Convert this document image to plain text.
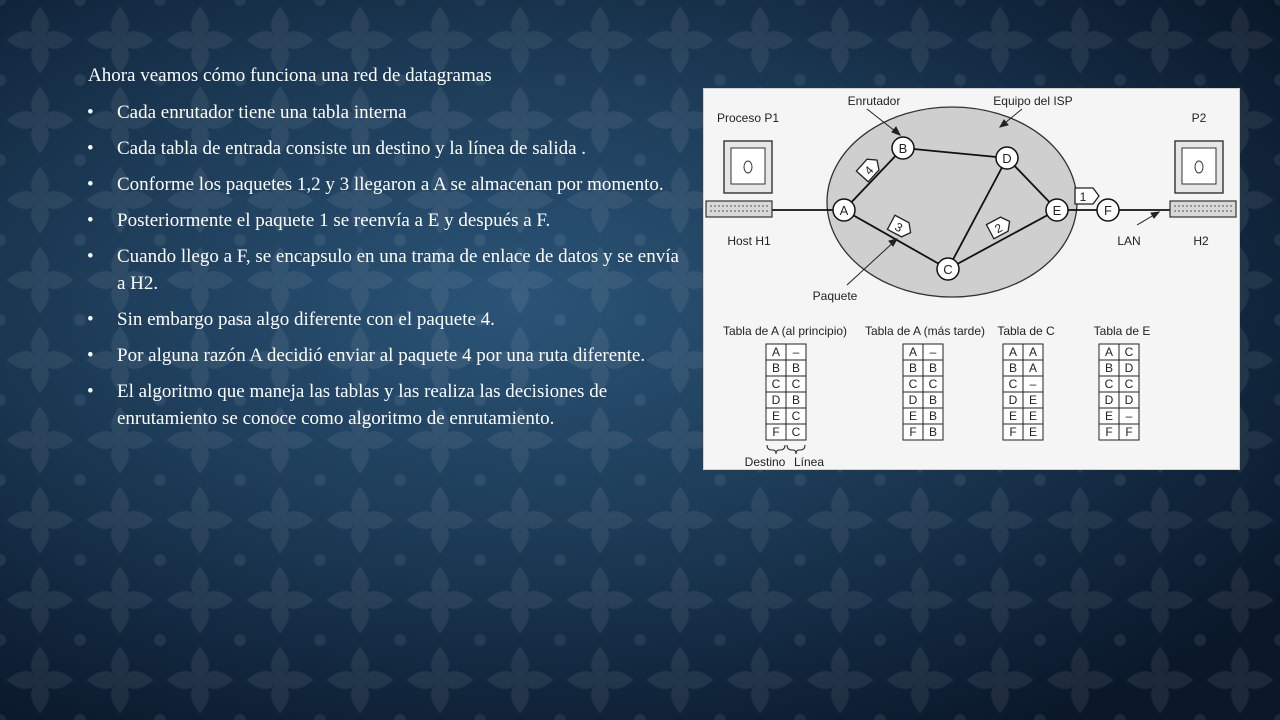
Ahora veamos cómo funciona una red de datagramas
• Cada enrutador tiene una tabla interna
• Cada tabla de entrada consiste un destino y la línea de salida .
• Conforme los paquetes 1,2 y 3 llegaron a A se almacenan por momento.
• Posteriormente el paquete 1 se reenvía a E y después a F.
• Cuando llego a F, se encapsulo en una trama de enlace de datos y se envía a H2.
• Sin embargo pasa algo diferente con el paquete 4.
• Por alguna razón A decidió enviar al paquete 4 por una ruta diferente.
• El algoritmo que maneja las tablas y las realiza las decisiones de enrutamiento se conoce como algoritmo de enrutamiento.
1
2
3
4
B
D
A	E	F
C
Enrutador	Equipo del ISP
Proceso P1	P2
Host H1	LAN	H2
Paquete
Tabla de A (al principio)
A –
B B
C C
D B
E C
F C
Destino Línea
Tabla de A (más tarde)
A –
B B
C C
D B
E B
F B
Tabla de C
A A
B A
C –
D E
E E
F E
Tabla de E
A C
B D
C C
D D
E –
F F
